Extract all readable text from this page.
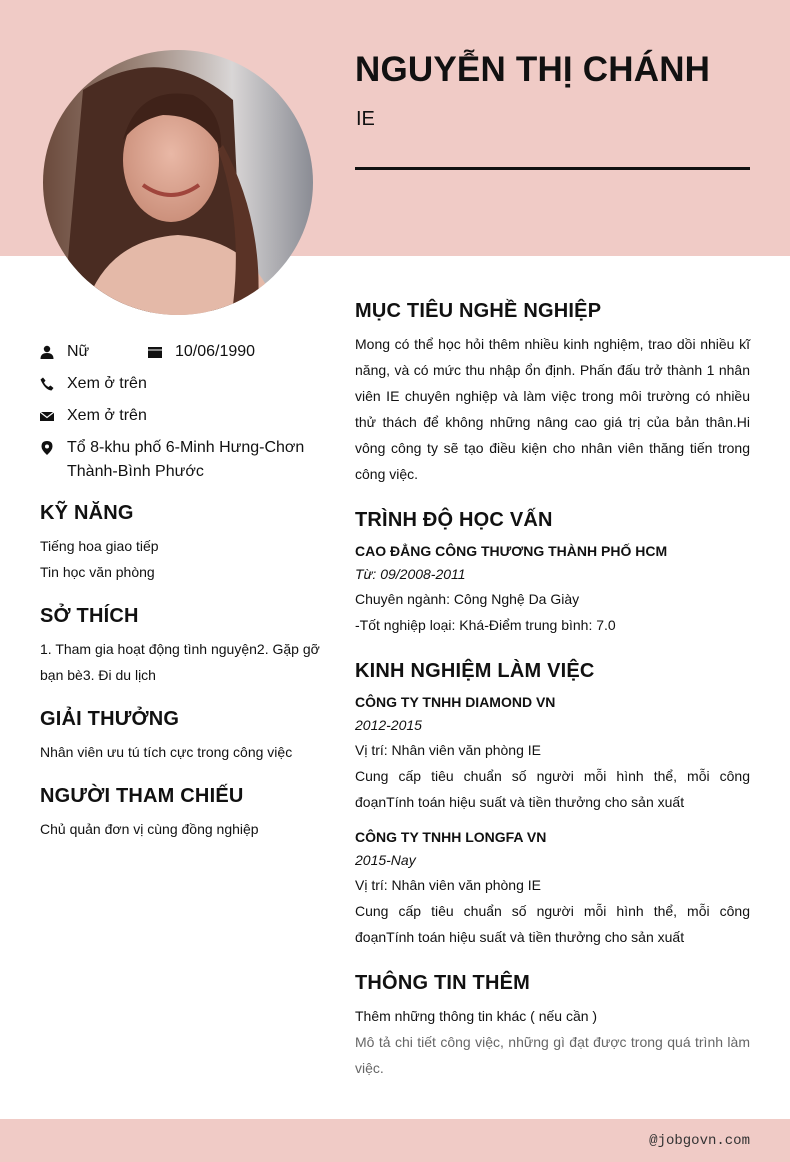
NGUYỄN THỊ CHÁNH
IE
Nữ	10/06/1990
Xem ở trên
Xem ở trên
Tổ 8-khu phố 6-Minh Hưng-Chơn Thành-Bình Phước
KỸ NĂNG
Tiếng hoa giao tiếp
Tin học văn phòng
SỞ THÍCH
1. Tham gia hoạt động tình nguyện2. Gặp gỡ bạn bè3. Đi du lịch
GIẢI THƯỞNG
Nhân viên ưu tú tích cực trong công việc
NGƯỜI THAM CHIẾU
Chủ quản đơn vị cùng đồng nghiệp
MỤC TIÊU NGHỀ NGHIỆP
Mong có thể học hỏi thêm nhiều kinh nghiệm, trao dồi nhiều kĩ năng, và có mức thu nhập ổn định. Phấn đấu trở thành 1 nhân viên IE chuyên nghiệp và làm việc trong môi trường có nhiều thử thách để không những nâng cao giá trị của bản thân.Hi vông công ty sẽ tạo điều kiện cho nhân viên thăng tiến trong công việc.
TRÌNH ĐỘ HỌC VẤN
CAO ĐẲNG CÔNG THƯƠNG THÀNH PHỐ HCM
Từ: 09/2008-2011
Chuyên ngành: Công Nghệ Da Giày
-Tốt nghiệp loại: Khá-Điểm trung bình: 7.0
KINH NGHIỆM LÀM VIỆC
CÔNG TY TNHH DIAMOND VN
2012-2015
Vị trí: Nhân viên văn phòng IE
Cung cấp tiêu chuẩn số người mỗi hình thể, mỗi công đoạnTính toán hiệu suất và tiền thưởng cho sản xuất
CÔNG TY TNHH LONGFA VN
2015-Nay
Vị trí: Nhân viên văn phòng IE
Cung cấp tiêu chuẩn số người mỗi hình thể, mỗi công đoạnTính toán hiệu suất và tiền thưởng cho sản xuất
THÔNG TIN THÊM
Thêm những thông tin khác ( nếu cần )
Mô tả chi tiết công việc, những gì đạt được trong quá trình làm việc.
@jobgovn.com
